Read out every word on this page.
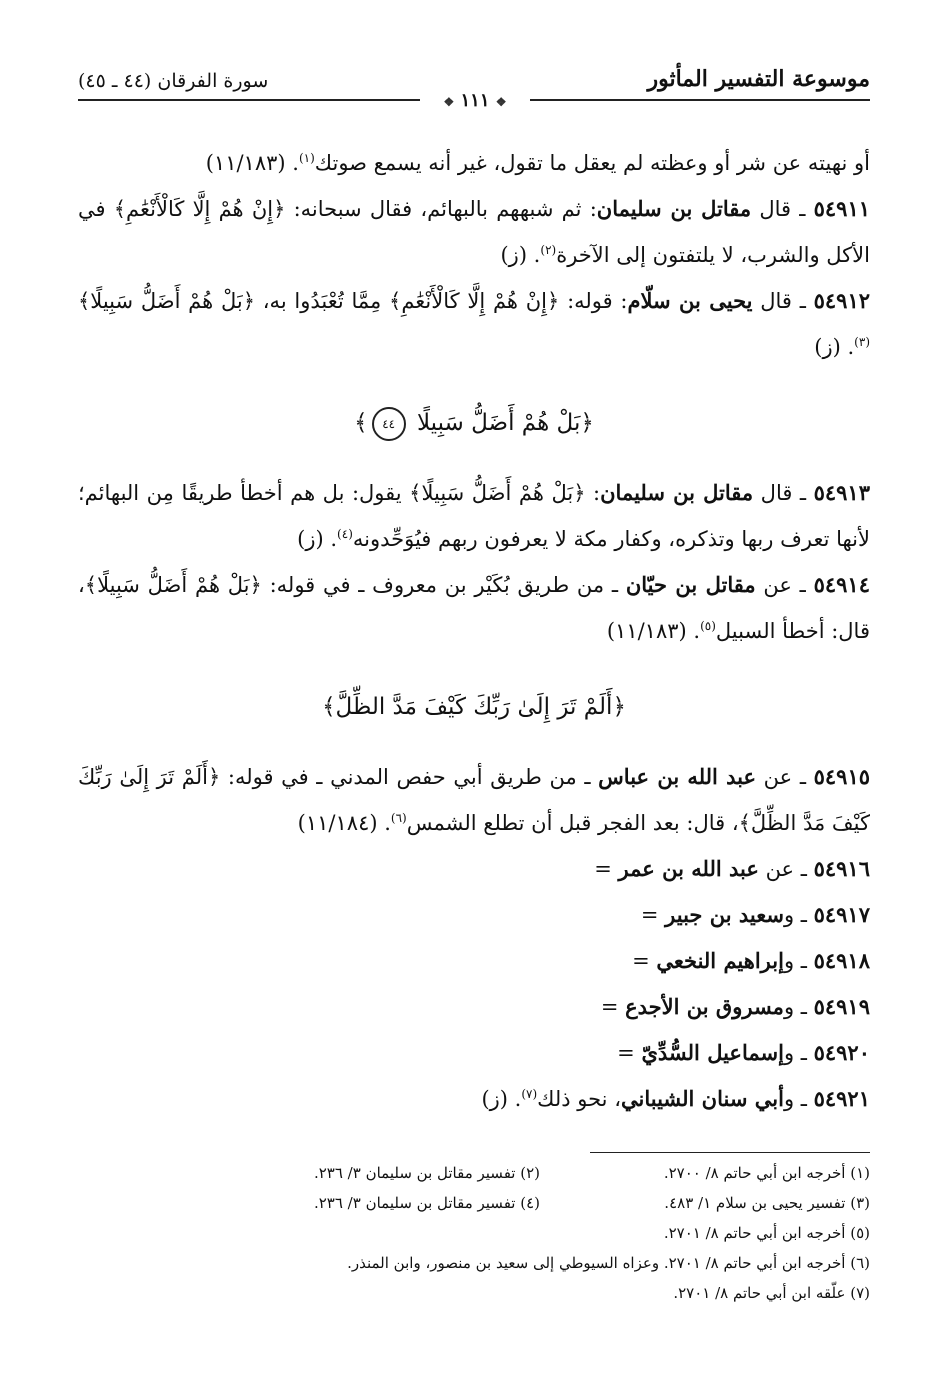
موسوعة التفسير المأثور
سورة الفرقان (٤٤ ـ ٤٥)
❖ ١١١ ❖

أو نهيته عن شر أو وعظته لم يعقل ما تقول، غير أنه يسمع صوتك$^{(١)}$. (١١/١٨٣)

٥٤٩١١ ـ قال مقاتل بن سليمان: ثم شبههم بالبهائم، فقال سبحانه: ﴿إِنْ هُمْ إِلَّا كَالْأَنْعَٰمِ﴾ في الأكل والشرب، لا يلتفتون إلى الآخرة$^{(٢)}$. (ز)

٥٤٩١٢ ـ قال يحيى بن سلّام: قوله: ﴿إِنْ هُمْ إِلَّا كَالْأَنْعَٰمِ﴾ مِمَّا تُعْبَدُوا به، ﴿بَلْ هُمْ أَضَلُّ سَبِيلًا﴾$^{(٣)}$. (ز)

﴿بَلْ هُمْ أَضَلُّ سَبِيلًا ٤٤﴾

٥٤٩١٣ ـ قال مقاتل بن سليمان: ﴿بَلْ هُمْ أَضَلُّ سَبِيلًا﴾ يقول: بل هم أخطأ طريقًا مِن البهائم؛ لأنها تعرف ربها وتذكره، وكفار مكة لا يعرفون ربهم فيُوَحِّدونه$^{(٤)}$. (ز)

٥٤٩١٤ ـ عن مقاتل بن حيّان ـ من طريق بُكَيْر بن معروف ـ في قوله: ﴿بَلْ هُمْ أَضَلُّ سَبِيلًا﴾، قال: أخطأ السبيل$^{(٥)}$. (١١/١٨٣)

﴿أَلَمْ تَرَ إِلَىٰ رَبِّكَ كَيْفَ مَدَّ الظِّلَّ﴾

٥٤٩١٥ ـ عن عبد الله بن عباس ـ من طريق أبي حفص المدني ـ في قوله: ﴿أَلَمْ تَرَ إِلَىٰ رَبِّكَ كَيْفَ مَدَّ الظِّلَّ﴾، قال: بعد الفجر قبل أن تطلع الشمس$^{(٦)}$. (١١/١٨٤)

٥٤٩١٦ ـ عن عبد الله بن عمر =

٥٤٩١٧ ـ وسعيد بن جبير =

٥٤٩١٨ ـ وإبراهيم النخعي =

٥٤٩١٩ ـ ومسروق بن الأجدع =

٥٤٩٢٠ ـ وإسماعيل السُّدِّيّ =

٥٤٩٢١ ـ وأبي سنان الشيباني، نحو ذلك$^{(٧)}$. (ز)

(١) أخرجه ابن أبي حاتم ٨/ ٢٧٠٠.
(٢) تفسير مقاتل بن سليمان ٣/ ٢٣٦.
(٣) تفسير يحيى بن سلام ١/ ٤٨٣.
(٤) تفسير مقاتل بن سليمان ٣/ ٢٣٦.
(٥) أخرجه ابن أبي حاتم ٨/ ٢٧٠١.
(٦) أخرجه ابن أبي حاتم ٨/ ٢٧٠١. وعزاه السيوطي إلى سعيد بن منصور، وابن المنذر.
(٧) علّقه ابن أبي حاتم ٨/ ٢٧٠١.
